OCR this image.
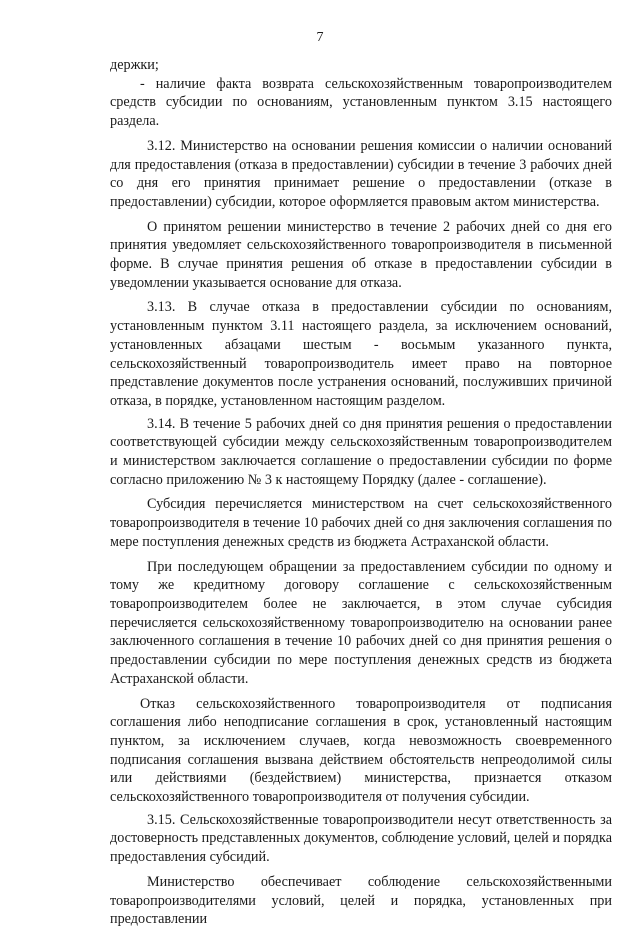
7

держки;

- наличие факта возврата сельскохозяйственным товаропроизводителем средств субсидии по основаниям, установленным пунктом 3.15 настоящего раздела.

3.12. Министерство на основании решения комиссии о наличии оснований для предоставления (отказа в предоставлении) субсидии в течение 3 рабочих дней со дня его принятия принимает решение о предоставлении (отказе в предоставлении) субсидии, которое оформляется правовым актом министерства.

О принятом решении министерство в течение 2 рабочих дней со дня его принятия уведомляет сельскохозяйственного товаропроизводителя в письменной форме. В случае принятия решения об отказе в предоставлении субсидии в уведомлении указывается основание для отказа.

3.13. В случае отказа в предоставлении субсидии по основаниям, установленным пунктом 3.11 настоящего раздела, за исключением оснований, установленных абзацами шестым - восьмым указанного пункта, сельскохозяйственный товаропроизводитель имеет право на повторное представление документов после устранения оснований, послуживших причиной отказа, в порядке, установленном настоящим разделом.

3.14. В течение 5 рабочих дней со дня принятия решения о предоставлении соответствующей субсидии между сельскохозяйственным товаропроизводителем и министерством заключается соглашение о предоставлении субсидии по форме согласно приложению № 3 к настоящему Порядку (далее - соглашение).

Субсидия перечисляется министерством на счет сельскохозяйственного товаропроизводителя в течение 10 рабочих дней со дня заключения соглашения по мере поступления денежных средств из бюджета Астраханской области.

При последующем обращении за предоставлением субсидии по одному и тому же кредитному договору соглашение с сельскохозяйственным товаропроизводителем более не заключается, в этом случае субсидия перечисляется сельскохозяйственному товаропроизводителю на основании ранее заключенного соглашения в течение 10 рабочих дней со дня принятия решения о предоставлении субсидии по мере поступления денежных средств из бюджета Астраханской области.

Отказ сельскохозяйственного товаропроизводителя от подписания соглашения либо неподписание соглашения в срок, установленный настоящим пунктом, за исключением случаев, когда невозможность своевременного подписания соглашения вызвана действием обстоятельств непреодолимой силы или действиями (бездействием) министерства, признается отказом сельскохозяйственного товаропроизводителя от получения субсидии.

3.15. Сельскохозяйственные товаропроизводители несут ответственность за достоверность представленных документов, соблюдение условий, целей и порядка предоставления субсидий.

Министерство обеспечивает соблюдение сельскохозяйственными товаропроизводителями условий, целей и порядка, установленных при предоставлении
